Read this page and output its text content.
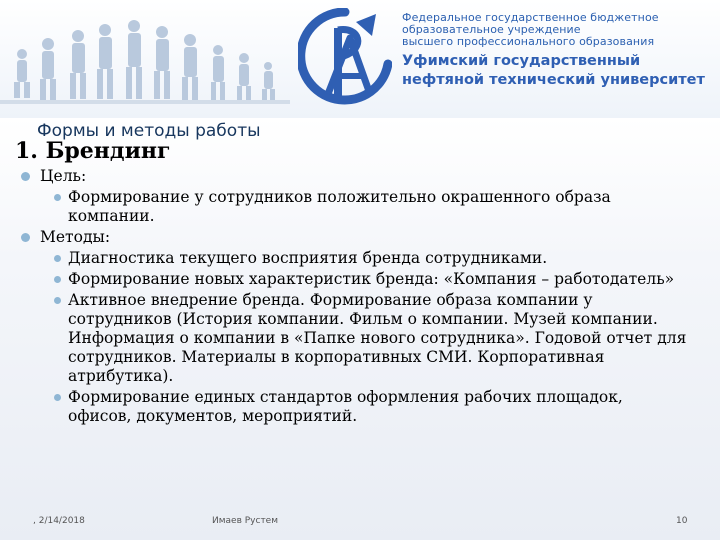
Федеральное государственное бюджетное
образовательное учреждение
высшего профессионального образования
Уфимский государственный
нефтяной технический университет
Формы и методы работы
1. Брендинг
Цель:
Формирование у сотрудников положительно окрашенного образа компании.
Методы:
Диагностика текущего восприятия бренда сотрудниками.
Формирование новых характеристик бренда: «Компания – работодатель»
Активное внедрение бренда. Формирование образа компании у сотрудников (История компании. Фильм о компании. Музей компании. Информация о компании в «Папке нового сотрудника». Годовой отчет для сотрудников. Материалы в корпоративных СМИ. Корпоративная атрибутика).
Формирование единых стандартов оформления рабочих площадок, офисов, документов, мероприятий.
, 2/14/2018	Имаев Рустем	10
